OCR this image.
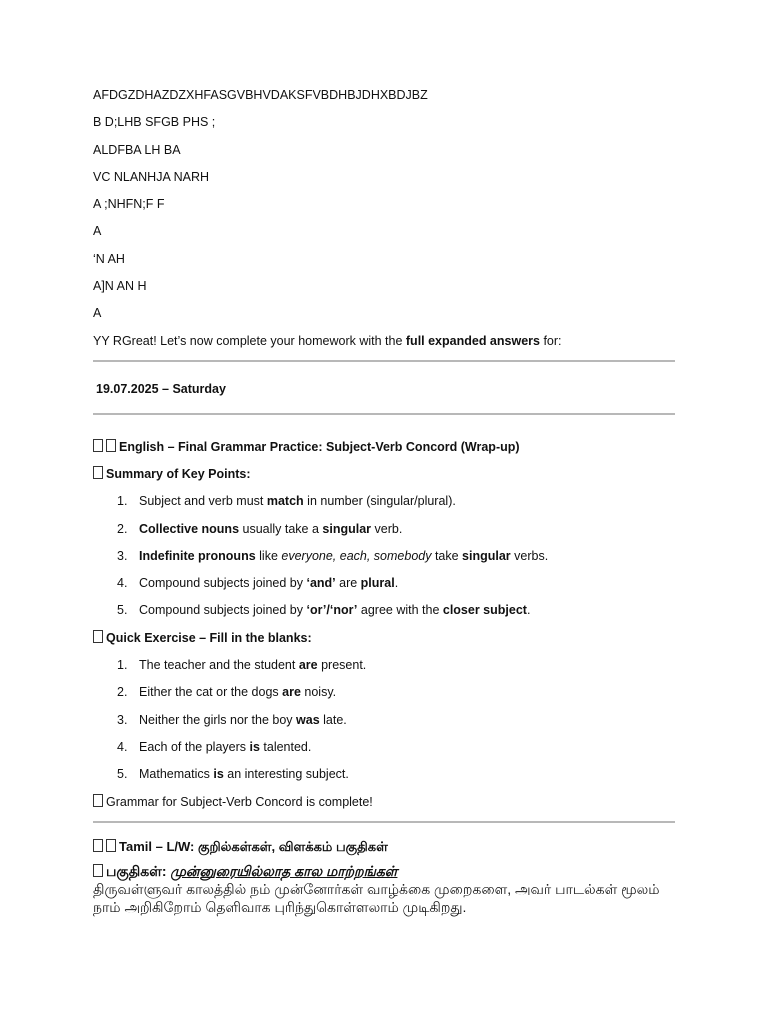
AFDGZDHAZDZXHFASGVBHVDAKSFVBDHBJDHXBDJBZ
B D;LHB SFGB PHS ;
ALDFBA LH BA
VC NLANHJA NARH
A ;NHFN;F F
A
‘N AH
A]N AN H
A
YY RGreat! Let’s now complete your homework with the full expanded answers for:
19.07.2025 – Saturday
English – Final Grammar Practice: Subject-Verb Concord (Wrap-up)
Summary of Key Points:
1. Subject and verb must match in number (singular/plural).
2. Collective nouns usually take a singular verb.
3. Indefinite pronouns like everyone, each, somebody take singular verbs.
4. Compound subjects joined by ‘and’ are plural.
5. Compound subjects joined by ‘or’/‘nor’ agree with the closer subject.
Quick Exercise – Fill in the blanks:
1. The teacher and the student are present.
2. Either the cat or the dogs are noisy.
3. Neither the girls nor the boy was late.
4. Each of the players is talented.
5. Mathematics is an interesting subject.
Grammar for Subject-Verb Concord is complete!
Tamil – L/W: குறில்கள்கள், விளக்கம் பகுதிகள்
பகுதிகள்: முன்னுரையில்லாத கால மாற்றங்கள்
திருவள்ளுவர் காலத்தில் நம் முன்னோர்கள் வாழ்க்கை முறைகளை, அவர் பாடல்கள் மூலம் நாம் அறிகிறோம் தெளிவாக புரிந்துகொள்ளலாம் முடிகிறது.
